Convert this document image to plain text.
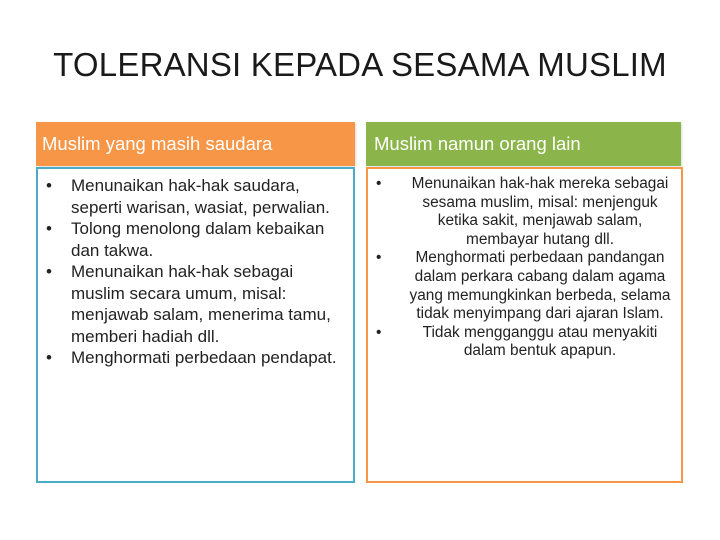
TOLERANSI KEPADA SESAMA MUSLIM
Muslim yang masih saudara	Muslim namun orang lain
• Menunaikan hak-hak saudara, seperti warisan, wasiat, perwalian.
• Tolong menolong dalam kebaikan dan takwa.
• Menunaikan hak-hak sebagai muslim secara umum, misal: menjawab salam, menerima tamu, memberi hadiah dll.
• Menghormati perbedaan pendapat.
•	Menunaikan hak-hak mereka sebagai sesama muslim, misal: menjenguk ketika sakit, menjawab salam, membayar hutang dll.
•	Menghormati perbedaan pandangan dalam perkara cabang dalam agama yang memungkinkan berbeda, selama tidak menyimpang dari ajaran Islam.
•	Tidak mengganggu atau menyakiti dalam bentuk apapun.
